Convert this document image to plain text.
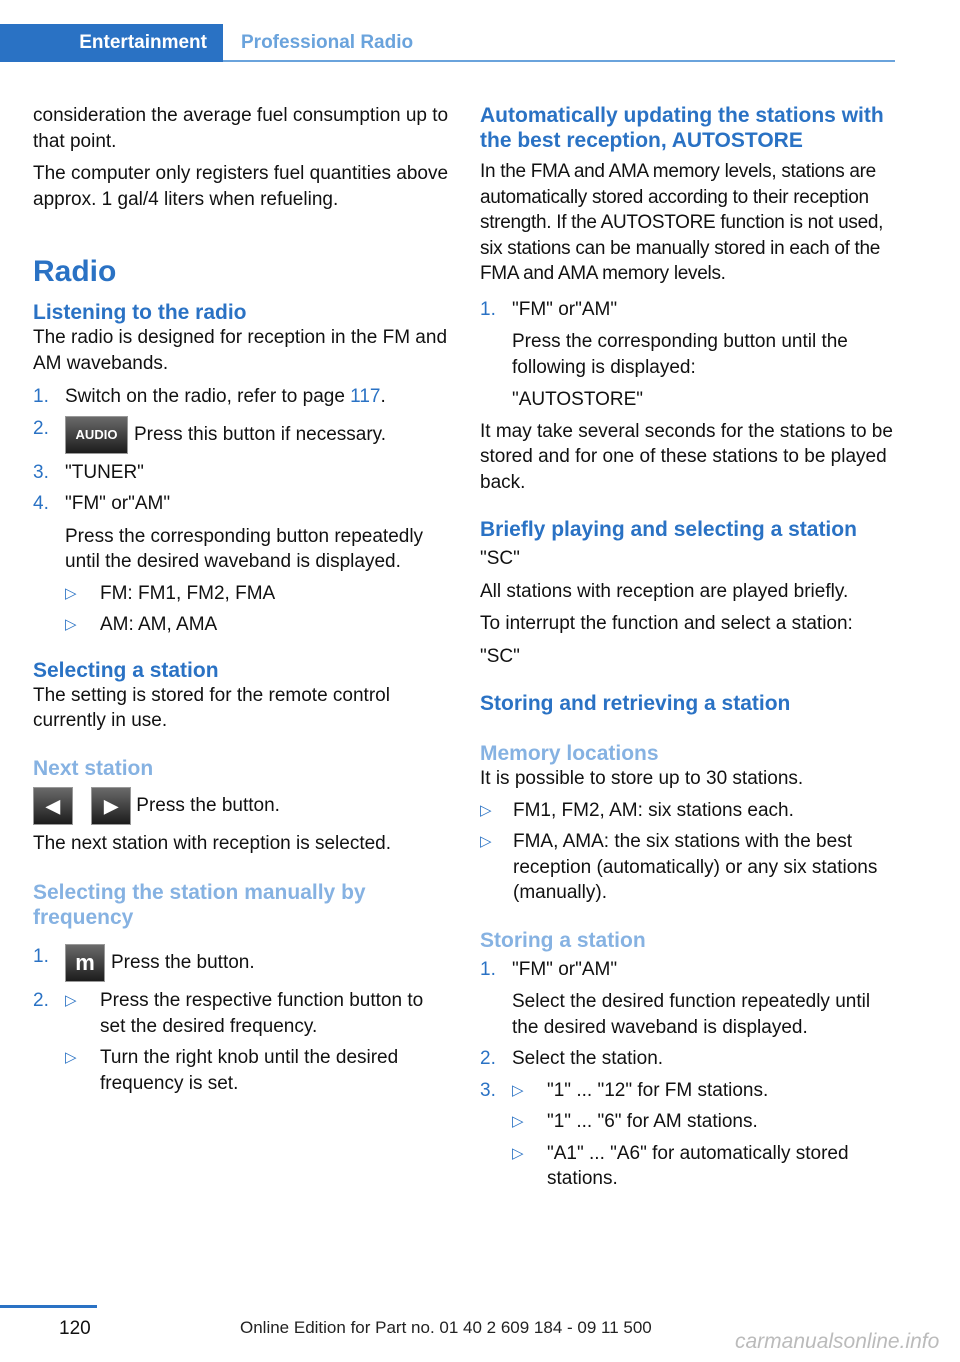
Entertainment	Professional Radio

consideration the average fuel consumption up to that point.

The computer only registers fuel quantities above approx. 1 gal/4 liters when refueling.

Radio
Listening to the radio

The radio is designed for reception in the FM and AM wavebands.

1. Switch on the radio, refer to page 117.
2.	AUDIO Press this button if necessary.
3. "TUNER"
4. "FM" or"AM"

Press the corresponding button repeatedly until the desired waveband is displayed.
▷	FM: FM1, FM2, FMA
▷	AM: AM, AMA
Selecting a station

The setting is stored for the remote control currently in use.

Next station

◀ ▶ Press the button.

The next station with reception is selected.

Selecting the station manually by frequency
1.	m Press the button.
2.	▷	Press the respective function button to set the desired frequency.
▷	Turn the right knob until the desired frequency is set.
Automatically updating the stations with the best reception, AUTOSTORE

In the FMA and AMA memory levels, stations are automatically stored according to their reception strength. If the AUTOSTORE function is not used, six stations can be manually stored in each of the FMA and AMA memory levels.

1. "FM" or"AM"
Press the corresponding button until the following is displayed:
"AUTOSTORE"

It may take several seconds for the stations to be stored and for one of these stations to be played back.

Briefly playing and selecting a station

"SC"

All stations with reception are played briefly.

To interrupt the function and select a station:

"SC"

Storing and retrieving a station
Memory locations

It is possible to store up to 30 stations.

▷	FM1, FM2, AM: six stations each.
▷	FMA, AMA: the six stations with the best reception (automatically) or any six stations (manually).
Storing a station
1. "FM" or"AM"
Select the desired function repeatedly until the desired waveband is displayed.
2. Select the station.
3.	▷	"1" ... "12" for FM stations.
▷	"1" ... "6" for AM stations.
▷	"A1" ... "A6" for automatically stored stations.
120	Online Edition for Part no. 01 40 2 609 184 - 09 11 500
carmanualsonline.info
